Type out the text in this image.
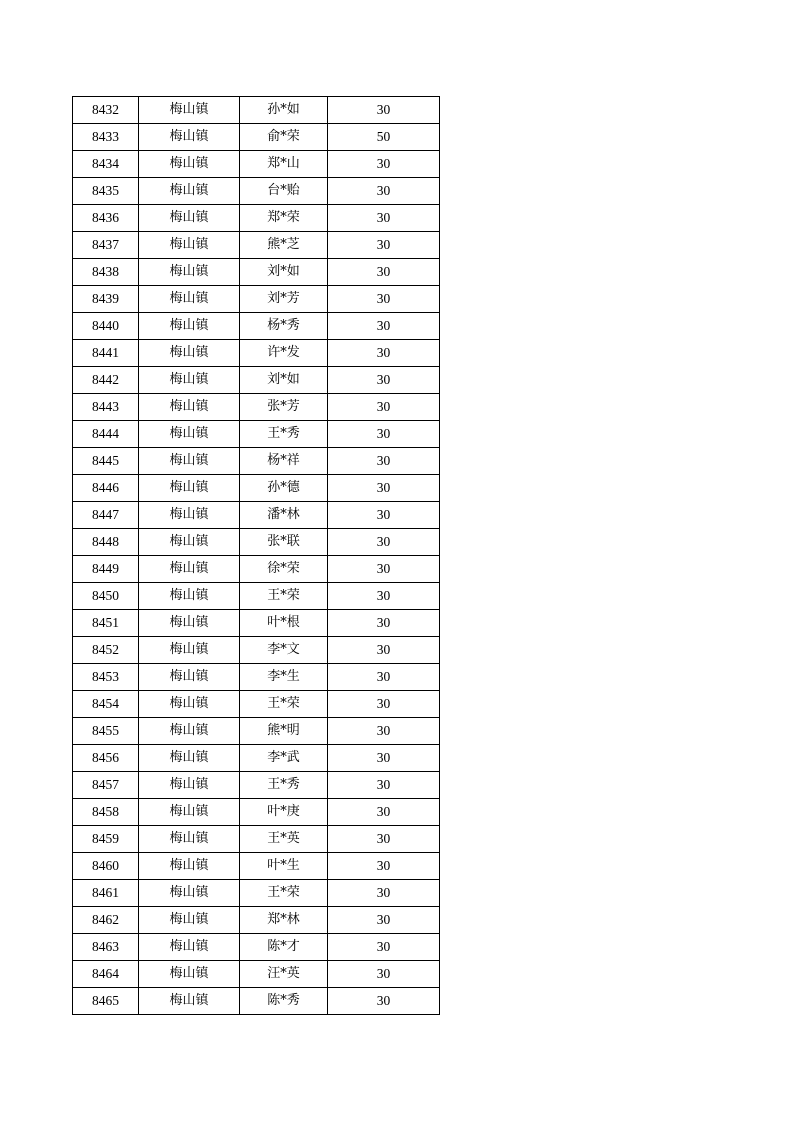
8432	梅山镇	孙*如	30
8433	梅山镇	俞*荣	50
8434	梅山镇	郑*山	30
8435	梅山镇	台*贻	30
8436	梅山镇	郑*荣	30
8437	梅山镇	熊*芝	30
8438	梅山镇	刘*如	30
8439	梅山镇	刘*芳	30
8440	梅山镇	杨*秀	30
8441	梅山镇	许*发	30
8442	梅山镇	刘*如	30
8443	梅山镇	张*芳	30
8444	梅山镇	王*秀	30
8445	梅山镇	杨*祥	30
8446	梅山镇	孙*德	30
8447	梅山镇	潘*林	30
8448	梅山镇	张*联	30
8449	梅山镇	徐*荣	30
8450	梅山镇	王*荣	30
8451	梅山镇	叶*根	30
8452	梅山镇	李*文	30
8453	梅山镇	李*生	30
8454	梅山镇	王*荣	30
8455	梅山镇	熊*明	30
8456	梅山镇	李*武	30
8457	梅山镇	王*秀	30
8458	梅山镇	叶*庚	30
8459	梅山镇	王*英	30
8460	梅山镇	叶*生	30
8461	梅山镇	王*荣	30
8462	梅山镇	郑*林	30
8463	梅山镇	陈*才	30
8464	梅山镇	汪*英	30
8465	梅山镇	陈*秀	30
